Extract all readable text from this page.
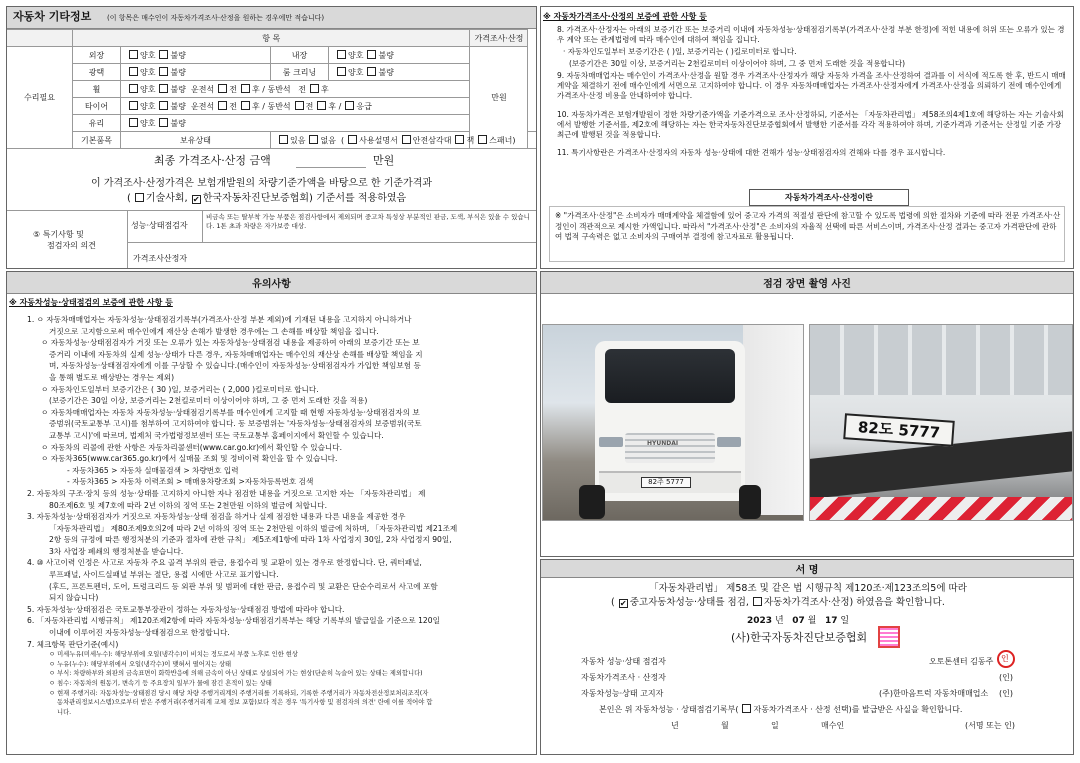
자동차 기타정보 (이 항목은 매수인이 자동차가격조사·산정을 원하는 경우에만 적습니다)
	항 목				가격조사·산정	
수리필요	외장	양호 불량	내장	양호 불량	만원	
	광택	양호 불량	룸 크리닝	양호 불량		
	휠	양호 불량 운전석 전 후 / 동반석 전 후				
	타이어	양호 불량 운전석 전 후 / 동반석 전 후 / 응급				
	유리	양호 불량				
	기본품목	보유상태	있음 없음  ( 사용설명서 안전삼각대 잭 스패너)			
최종 가격조사·산정 금액	만원
이 가격조사·산정가격은 보험개발원의 차량기준가액을 바탕으로 한 기준가격과
( 기술사회, ✔ 한국자동차진단보증협회) 기준서를 적용하였음
⑤ 특기사항 및
점검자의 의견
성능·상태점검자
비금속 또는 탈부착 가능 부품은 점검사항에서 제외되며 중고차 특성상 부분적인 판금, 도색, 부식은 있을 수 있습니다. 1톤 초과 차량은 자가보증 대상.
가격조사산정자
※ 자동차가격조사·산정의 보증에 관한 사항 등
8. 가격조사·산정자는 아래의 보증기간 또는 보증거리 이내에 자동차성능·상태점검기록부(가격조사·산정 부분 한정)에 적힌 내용에 허위 또는 오류가 있는 경우 계약 또는 관계법령에 따라 매수인에 대하여 책임을 집니다.
· 자동차인도일부터 보증기간은 ( )일, 보증거리는 ( )킬로미터로 합니다.
(보증기간은 30일 이상, 보증거리는 2천킬로미터 이상이어야 하며, 그 중 먼저 도래한 것을 적용합니다)
9. 자동차매매업자는 매수인이 가격조사·산정을 원할 경우 가격조사·산정자가 해당 자동차 가격을 조사·산정하여 결과를 이 서식에 적도록 한 후, 반드시 매매계약을 체결하기 전에 매수인에게 서면으로 고지하여야 합니다. 이 경우 자동차매매업자는 가격조사·산정자에게 가격조사·산정을 의뢰하기 전에 매수인에게 가격조사·산정 비용을 안내하여야 합니다.
10. 자동차가격은 보험개발원이 정한 차량기준가액을 기준가격으로 조사·산정하되, 기준서는 「자동차관리법」 제58조의4제1호에 해당하는 자는 기술사회에서 발행한 기준서를, 제2호에 해당하는 자는 한국자동차진단보증협회에서 발행한 기준서를 각각 적용하여야 하며, 기준가격과 기준서는 산정일 기준 가장 최근에 발행된 것을 적용합니다.
11. 특기사항란은 가격조사·산정자의 자동차 성능·상태에 대한 견해가 성능·상태점검자의 견해와 다를 경우 표시합니다.
자동차가격조사·산정이란
※ "가격조사·산정"은 소비자가 매매계약을 체결함에 있어 중고자 가격의 적절성 판단에 참고할 수 있도록 법령에 의한 절차와 기준에 따라 전문 가격조사·산정인이 객관적으로 제시한 가액입니다. 따라서 "가격조사·산정"은 소비자의 자율적 선택에 따른 서비스이며, 가격조사·산정 결과는 중고자 가격판단에 관하여 법적 구속력은 없고 소비자의 구매여부 결정에 참고자료로 활용됩니다.
유의사항
※ 자동차성능·상태점검의 보증에 관한 사항 등
1. ㅇ 자동차매매업자는 자동차성능·상태점검기록부(가격조사·산정 부분 제외)에 기재된 내용을 고지하지 아니하거나
거짓으로 고지함으로써 매수인에게 재산상 손해가 발생한 경우에는 그 손해를 배상할 책임을 집니다.
ㅇ 자동차성능·상태점검자가 거짓 또는 오류가 있는 자동차성능·상태점검 내용을 제공하여 아래의 보증기간 또는 보
증거리 이내에 자동차의 실제 성능·상태가 다른 경우, 자동차매매업자는 매수인의 재산상 손해를 배상할 책임을 지
며, 자동차성능·상태점검자에게 이를 구상할 수 있습니다.(매수인이 자동차성능·상태점검자가 가입한 책임보험 등
을 통해 별도로 배상받는 경우는 제외)
ㅇ 자동차인도일부터 보증기간은 ( 30 )일, 보증거리는 ( 2,000 )킬로미터로 합니다.
(보증기간은 30일 이상, 보증거리는 2천킬로미터 이상이어야 하며, 그 중 먼저 도래한 것을 적용)
ㅇ 자동차매매업자는 자동차 자동차성능·상태점검기록부를 매수인에게 고지할 때 현행 자동차성능·상태점검자의 보
증범위(국토교통부 고시)를 첨부하여 고지하여야 합니다. 동 보증범위는 '자동차성능·상태점검자의 보증범위(국토
교통부 고시)'에 따르며, 법제처 국가법령정보센터 또는 국토교통부 홈페이지에서 확인할 수 있습니다.
ㅇ 자동차의 리콜에 관한 사항은 자동차리콜센터(www.car.go.kr)에서 확인할 수 있습니다.
ㅇ 자동차365(www.car365.go.kr)에서 실매물 조회 및 정비이력 확인을 할 수 있습니다.
- 자동차365 > 자동차 실매물검색 > 차량번호 입력
- 자동차365 > 자동차 이력조회 > 매매용차량조회 >자동차등록번호 검색
2. 자동차의 구조·장치 등의 성능·상태를 고지하지 아니한 자나 점검한 내용을 거짓으로 고지한 자는 「자동차관리법」 제
80조제6호 및 제7호에 따라 2년 이하의 징역 또는 2천만원 이하의 벌금에 처합니다.
3. 자동차성능·상태점검자가 거짓으로 자동차성능·상태 점검을 하거나 실제 점검한 내용과 다른 내용을 제공한 경우
「자동차관리법」 제80조제9호의2에 따라 2년 이하의 징역 또는 2천만원 이하의 벌금에 처하며, 「자동차관리법 제21조제
2항 등의 규정에 따른 행정처분의 기준과 절차에 관한 규칙」 제5조제1항에 따라 1차 사업정지 30일, 2차 사업정지 90일,
3차 사업장 폐쇄의 행정처분을 받습니다.
4. ⑩ 사고이력 인정은 사고로 자동차 주요 골격 부위의 판금, 용접수리 및 교환이 있는 경우로 한정합니다. 단, 쿼터패널,
루프패널, 사이드실패널 부위는 절단, 용접 시에만 사고로 표기합니다.
(후드, 프론트펜더, 도어, 트렁크리드 등 외판 부위 및 범퍼에 대한 판금, 용접수리 및 교환은 단순수리로서 사고에 포함
되지 않습니다)
5. 자동차성능·상태점검은 국토교통부장관이 정하는 자동차성능·상태점검 방법에 따라야 합니다.
6. 「자동차관리법 시행규칙」 제120조제2항에 따라 자동차성능·상태점검기록부는 해당 기록부의 발급일을 기준으로 120일
이내에 이루어진 자동차성능·상태점검으로 한정합니다.
7. 체크항목 판단기준(예시)
ㅇ 미세누유(미세누수): 해당부위에 오일(냉각수)이 비치는 정도로서 부품 노후로 인한 현상
ㅇ 누유(누수): 해당부위에서 오일(냉각수)이 맺혀서 떨어지는 상태
ㅇ 부식: 차량하부와 외판의 금속표면이 화학반응에 의해 금속이 아닌 상태로 상실되어 가는 현상(단순히 녹슬어 있는 상태는 제외합니다)
ㅇ 침수: 자동차의 원동기, 변속기 등 주요장치 일부가 물에 잠긴 흔적이 있는 상태
ㅇ 현재 주행거리: 자동차성능·상태점검 당시 해당 차량 주행거리계의 주행거리를 기록하되, 기록한 주행거리가 자동차전산정보처리조직(자
동차관리정보시스템)으로부터 받은 주행거리(주행거리계 교체 정보 포함)보다 적은 경우 '특기사항 및 점검자의 의견' 란에 이를 적어야 합
니다.
점검 장면 촬영 사진
HYUNDAI
82주 5777
82도 5777
서 명
「자동차관리법」 제58조 및 같은 법 시행규칙 제120조·제123조의5에 따라
( ✔ 중고자동차성능·상태를 점검, 자동차가격조사·산정) 하였음을 확인합니다.
2023 년 07 월 17 일
(사)한국자동차진단보증협회
자동차 성능·상태 점검자	오토톤센터 김동주 인
자동차가격조사 · 산정자	(인)
자동차성능·상태 고지자	(주)한마음트럭 자동차매매업소 (인)
본인은 위 자동차성능 · 상태점검기록부( 자동차가격조사 · 산정 선택)를 발급받은 사실을 확인합니다.
년	월	일	매수인	(서명 또는 인)
